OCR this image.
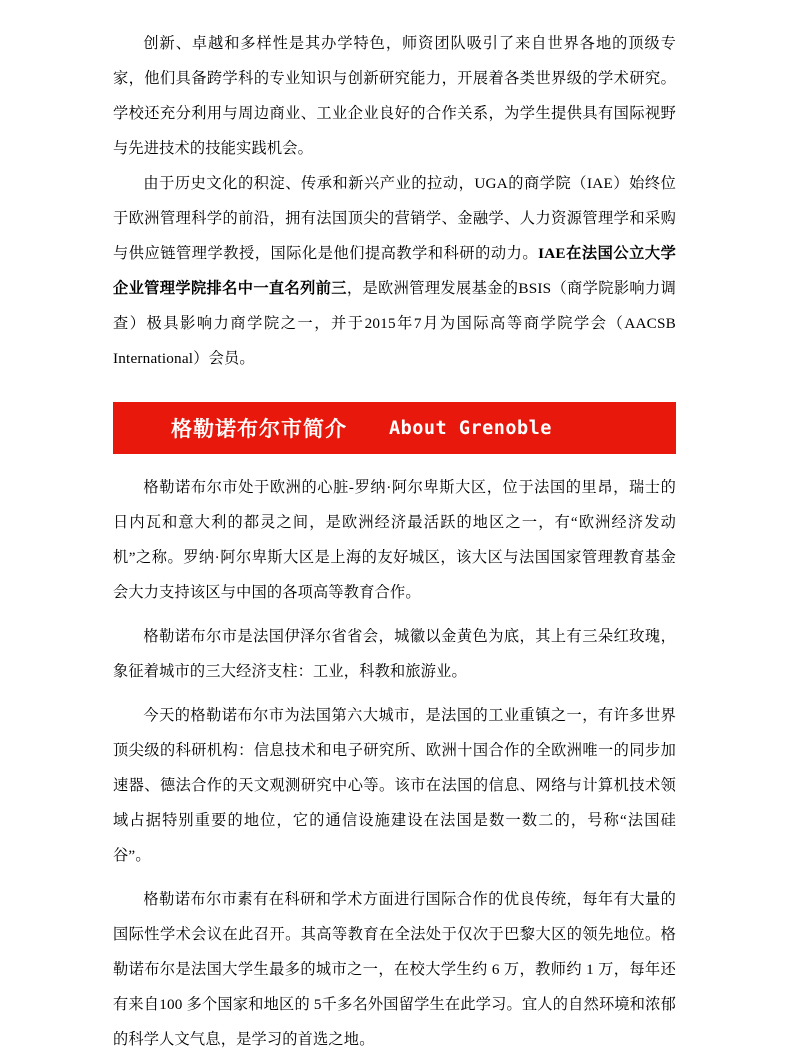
创新、卓越和多样性是其办学特色，师资团队吸引了来自世界各地的顶级专家，他们具备跨学科的专业知识与创新研究能力，开展着各类世界级的学术研究。学校还充分利用与周边商业、工业企业良好的合作关系，为学生提供具有国际视野与先进技术的技能实践机会。

由于历史文化的积淀、传承和新兴产业的拉动，UGA的商学院（IAE）始终位于欧洲管理科学的前沿，拥有法国顶尖的营销学、金融学、人力资源管理学和采购与供应链管理学教授，国际化是他们提高教学和科研的动力。IAE在法国公立大学企业管理学院排名中一直名列前三，是欧洲管理发展基金的BSIS（商学院影响力调查）极具影响力商学院之一，并于2015年7月为国际高等商学院学会（AACSB International）会员。

格勒诺布尔市简介 About Grenoble

格勒诺布尔市处于欧洲的心脏-罗纳·阿尔卑斯大区，位于法国的里昂，瑞士的日内瓦和意大利的都灵之间，是欧洲经济最活跃的地区之一，有“欧洲经济发动机”之称。罗纳·阿尔卑斯大区是上海的友好城区，该大区与法国国家管理教育基金会大力支持该区与中国的各项高等教育合作。

格勒诺布尔市是法国伊泽尔省省会，城徽以金黄色为底，其上有三朵红玫瑰，象征着城市的三大经济支柱：工业，科教和旅游业。

今天的格勒诺布尔市为法国第六大城市，是法国的工业重镇之一，有许多世界顶尖级的科研机构：信息技术和电子研究所、欧洲十国合作的全欧洲唯一的同步加速器、德法合作的天文观测研究中心等。该市在法国的信息、网络与计算机技术领域占据特别重要的地位，它的通信设施建设在法国是数一数二的，号称“法国硅谷”。

格勒诺布尔市素有在科研和学术方面进行国际合作的优良传统，每年有大量的国际性学术会议在此召开。其高等教育在全法处于仅次于巴黎大区的领先地位。格勒诺布尔是法国大学生最多的城市之一，在校大学生约 6 万，教师约 1 万，每年还有来自100 多个国家和地区的 5千多名外国留学生在此学习。宜人的自然环境和浓郁的科学人文气息，是学习的首选之地。
